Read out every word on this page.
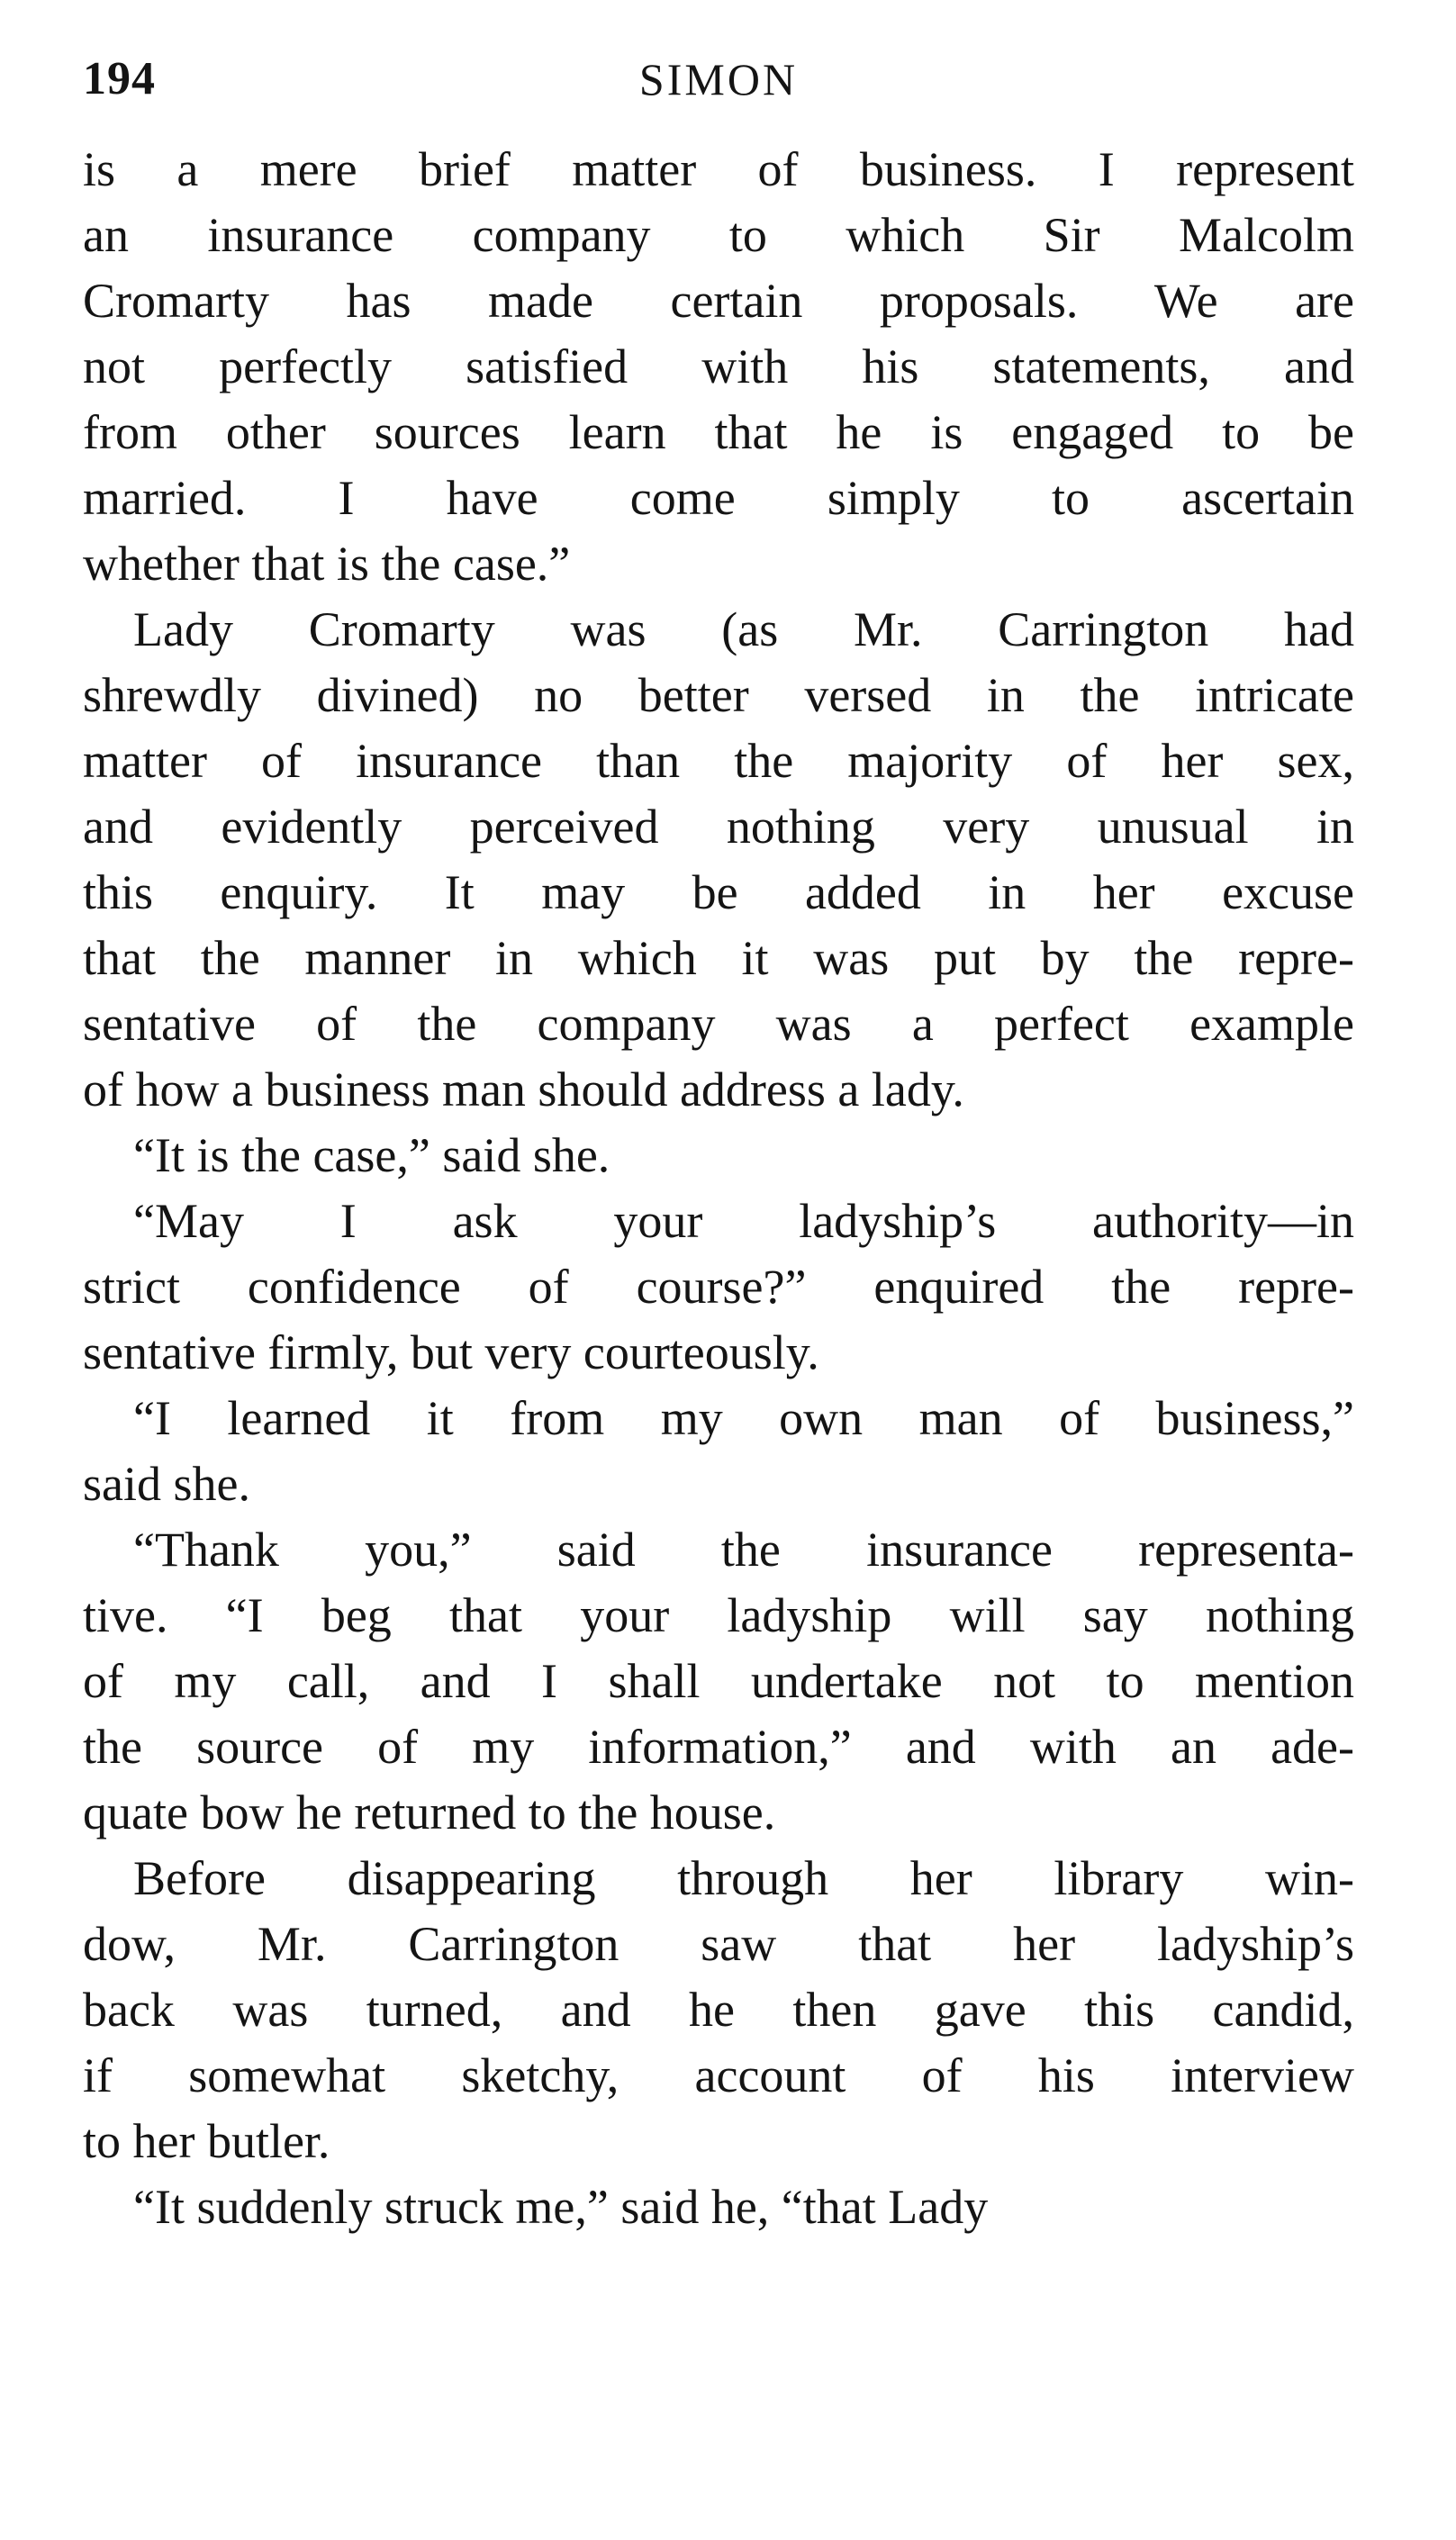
194	SIMON

is a mere brief matter of business. I represent
an insurance company to which Sir Malcolm
Cromarty has made certain proposals. We are
not perfectly satisfied with his statements, and
from other sources learn that he is engaged to be
married. I have come simply to ascertain
whether that is the case.”

Lady Cromarty was (as Mr. Carrington had
shrewdly divined) no better versed in the intricate
matter of insurance than the majority of her sex,
and evidently perceived nothing very unusual in
this enquiry. It may be added in her excuse
that the manner in which it was put by the repre-
sentative of the company was a perfect example
of how a business man should address a lady.

“It is the case,” said she.

“May I ask your ladyship’s authority—in
strict confidence of course?” enquired the repre-
sentative firmly, but very courteously.

“I learned it from my own man of business,”
said she.

“Thank you,” said the insurance representa-
tive. “I beg that your ladyship will say nothing
of my call, and I shall undertake not to mention
the source of my information,” and with an ade-
quate bow he returned to the house.

Before disappearing through her library win-
dow, Mr. Carrington saw that her ladyship’s
back was turned, and he then gave this candid,
if somewhat sketchy, account of his interview
to her butler.

“It suddenly struck me,” said he, “that Lady
